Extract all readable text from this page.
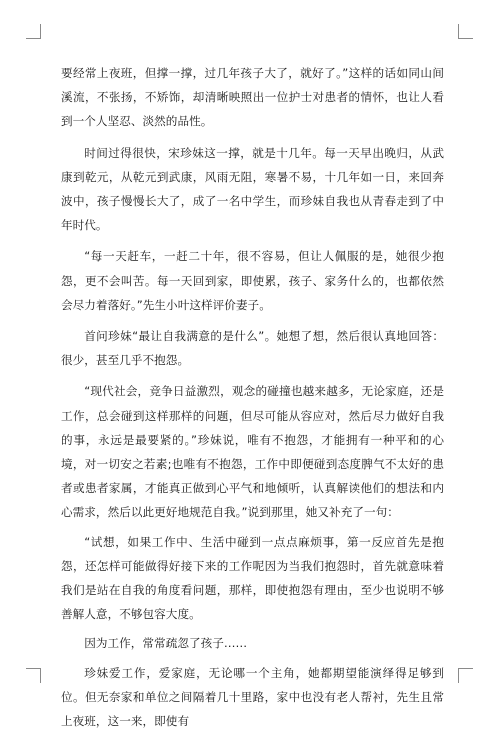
要经常上夜班，但撑一撑，过几年孩子大了，就好了。”这样的话如同山间溪流，不张扬，不矫饰，却清晰映照出一位护士对患者的情怀，也让人看到一个人坚忍、淡然的品性。

时间过得很快，宋珍妹这一撑，就是十几年。每一天早出晚归，从武康到乾元，从乾元到武康，风雨无阻，寒暑不易，十几年如一日，来回奔波中，孩子慢慢长大了，成了一名中学生，而珍妹自我也从青春走到了中年时代。

“每一天赶车，一赶二十年，很不容易，但让人佩服的是，她很少抱怨，更不会叫苦。每一天回到家，即使累，孩子、家务什么的，也都依然会尽力着落好。”先生小叶这样评价妻子。

首问珍妹“最让自我满意的是什么”。她想了想，然后很认真地回答：很少，甚至几乎不抱怨。

“现代社会，竞争日益激烈，观念的碰撞也越来越多，无论家庭，还是工作，总会碰到这样那样的问题，但尽可能从容应对，然后尽力做好自我的事，永远是最要紧的。”珍妹说，唯有不抱怨，才能拥有一种平和的心境，对一切安之若素;也唯有不抱怨，工作中即便碰到态度脾气不太好的患者或患者家属，才能真正做到心平气和地倾听，认真解读他们的想法和内心需求，然后以此更好地规范自我。”说到那里，她又补充了一句：

“试想，如果工作中、生活中碰到一点点麻烦事，第一反应首先是抱怨，还怎样可能做得好接下来的工作呢因为当我们抱怨时，首先就意味着我们是站在自我的角度看问题，那样，即使抱怨有理由，至少也说明不够善解人意，不够包容大度。

因为工作，常常疏忽了孩子……

珍妹爱工作，爱家庭，无论哪一个主角，她都期望能演绎得足够到位。但无奈家和单位之间隔着几十里路，家中也没有老人帮衬，先生且常上夜班，这一来，即使有
